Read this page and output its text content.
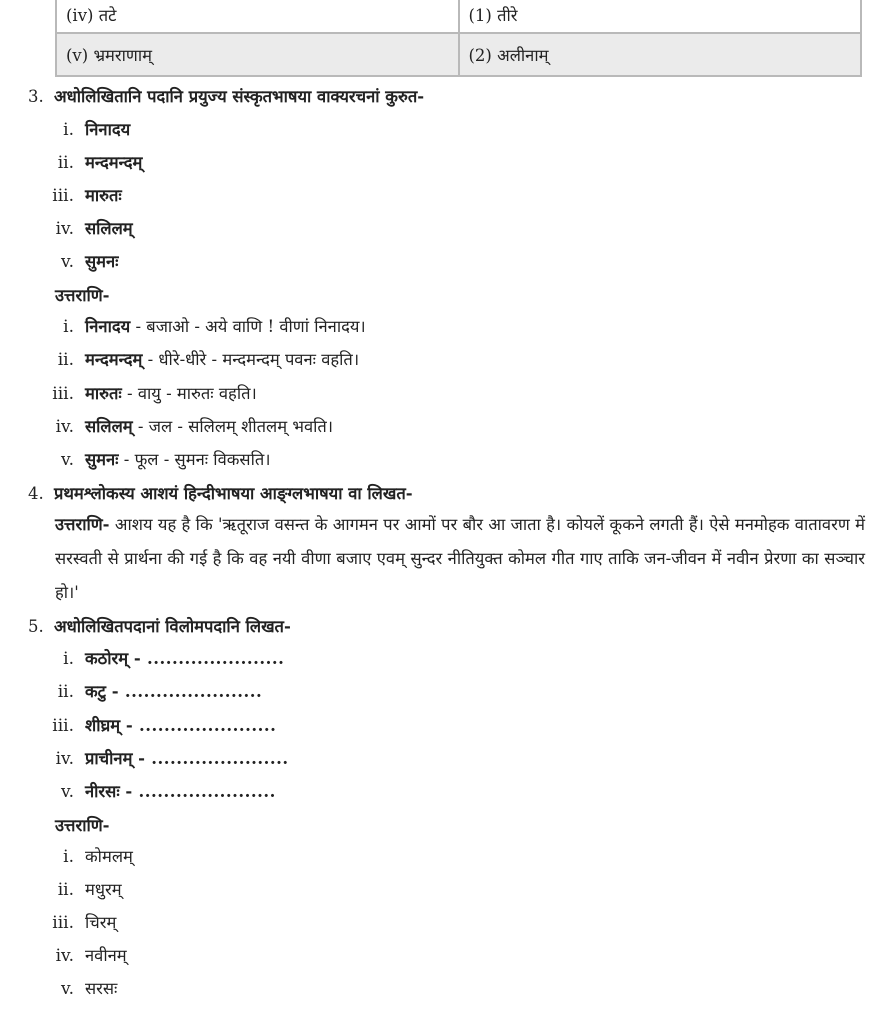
(iv) तटे	(1) तीरे
(v) भ्रमराणाम्	(2) अलीनाम्
3. अधोलिखितानि पदानि प्रयुज्य संस्कृतभाषया वाक्यरचनां कुरुत-
i. निनादय
ii. मन्दमन्दम्
iii. मारुतः
iv. सलिलम्
v. सुमनः
उत्तराणि-
i. निनादय - बजाओ - अये वाणि ! वीणां निनादय।
ii. मन्दमन्दम् - धीरे-धीरे - मन्दमन्दम् पवनः वहति।
iii. मारुतः - वायु - मारुतः वहति।
iv. सलिलम् - जल - सलिलम् शीतलम् भवति।
v. सुमनः - फूल - सुमनः विकसति।
4. प्रथमश्लोकस्य आशयं हिन्दीभाषया आङ्ग्लभाषया वा लिखत-
उत्तराणि- आशय यह है कि 'ऋतूराज वसन्त के आगमन पर आमों पर बौर आ जाता है। कोयलें कूकने लगती हैं। ऐसे मनमोहक वातावरण में सरस्वती से प्रार्थना की गई है कि वह नयी वीणा बजाए एवम् सुन्दर नीतियुक्त कोमल गीत गाए ताकि जन-जीवन में नवीन प्रेरणा का सञ्चार हो।'
5. अधोलिखितपदानां विलोमपदानि लिखत-
i. कठोरम् - ......................
ii. कटु - ......................
iii. शीघ्रम् - ......................
iv. प्राचीनम् - ......................
v. नीरसः - ......................
उत्तराणि-
i. कोमलम्
ii. मधुरम्
iii. चिरम्
iv. नवीनम्
v. सरसः
